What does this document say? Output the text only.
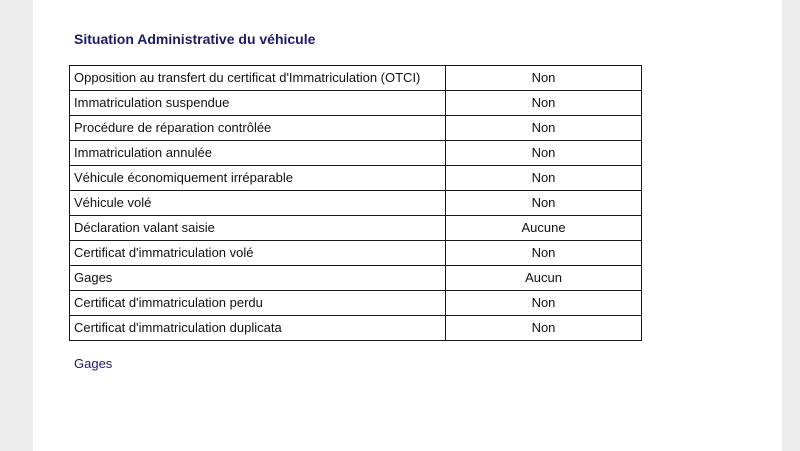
Situation Administrative du véhicule
Opposition au transfert du certificat d'Immatriculation (OTCI)	Non
Immatriculation suspendue	Non
Procédure de réparation contrôlée	Non
Immatriculation annulée	Non
Véhicule économiquement irréparable	Non
Véhicule volé	Non
Déclaration valant saisie	Aucune
Certificat d'immatriculation volé	Non
Gages	Aucun
Certificat d'immatriculation perdu	Non
Certificat d'immatriculation duplicata	Non
Gages
